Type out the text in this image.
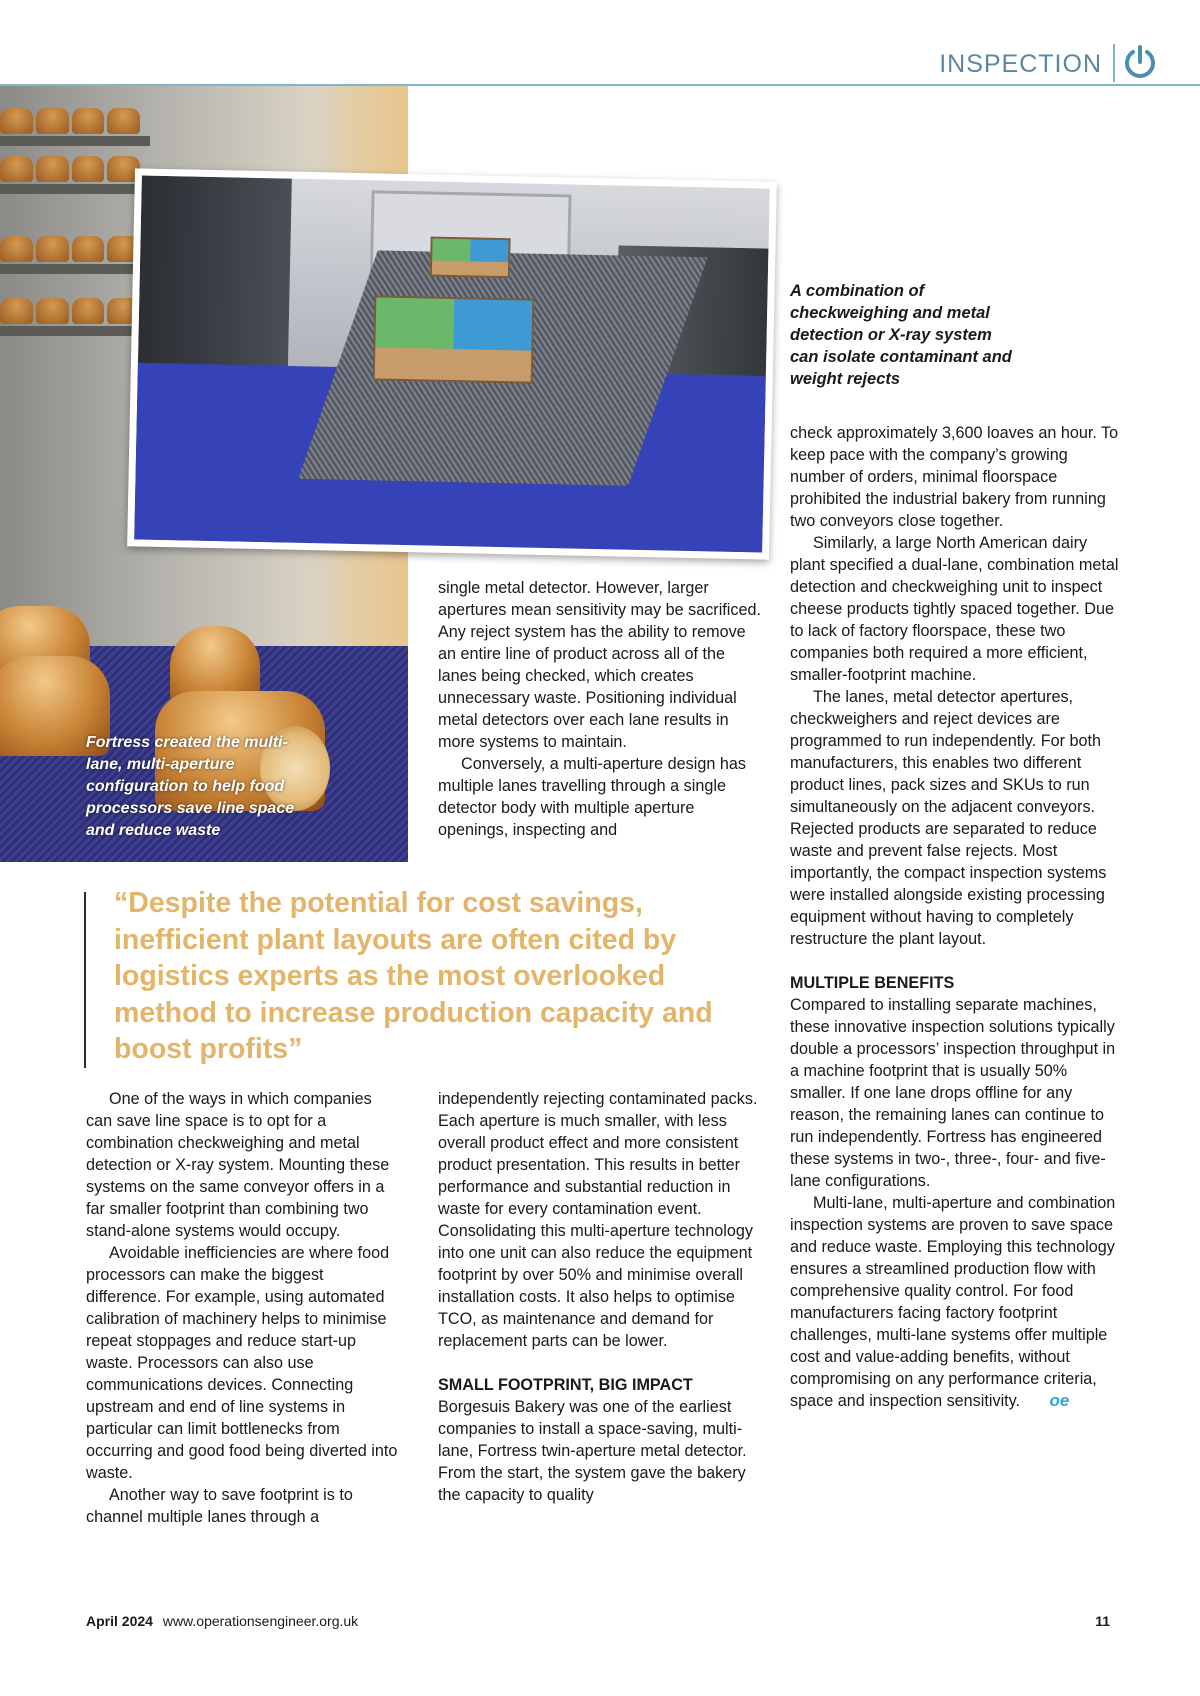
INSPECTION
Fortress created the multi-lane, multi-aperture configuration to help food processors save line space and reduce waste
A combination of checkweighing and metal detection or X-ray system can isolate contaminant and weight rejects

single metal detector. However, larger apertures mean sensitivity may be sacrificed. Any reject system has the ability to remove an entire line of product across all of the lanes being checked, which creates unnecessary waste. Positioning individual metal detectors over each lane results in more systems to maintain.

Conversely, a multi-aperture design has multiple lanes travelling through a single detector body with multiple aperture openings, inspecting and

“Despite the potential for cost savings, inefficient plant layouts are often cited by logistics experts as the most overlooked method to increase production capacity and boost profits”

One of the ways in which companies can save line space is to opt for a combination checkweighing and metal detection or X-ray system. Mounting these systems on the same conveyor offers in a far smaller footprint than combining two stand-alone systems would occupy.

Avoidable inefficiencies are where food processors can make the biggest difference. For example, using automated calibration of machinery helps to minimise repeat stoppages and reduce start-up waste. Processors can also use communications devices. Connecting upstream and end of line systems in particular can limit bottlenecks from occurring and good food being diverted into waste.

Another way to save footprint is to channel multiple lanes through a

independently rejecting contaminated packs. Each aperture is much smaller, with less overall product effect and more consistent product presentation. This results in better performance and substantial reduction in waste for every contamination event. Consolidating this multi-aperture technology into one unit can also reduce the equipment footprint by over 50% and minimise overall installation costs. It also helps to optimise TCO, as maintenance and demand for replacement parts can be lower.

SMALL FOOTPRINT, BIG IMPACT

Borgesuis Bakery was one of the earliest companies to install a space-saving, multi-lane, Fortress twin-aperture metal detector. From the start, the system gave the bakery the capacity to quality

check approximately 3,600 loaves an hour. To keep pace with the company’s growing number of orders, minimal floorspace prohibited the industrial bakery from running two conveyors close together.

Similarly, a large North American dairy plant specified a dual-lane, combination metal detection and checkweighing unit to inspect cheese products tightly spaced together. Due to lack of factory floorspace, these two companies both required a more efficient, smaller-footprint machine.

The lanes, metal detector apertures, checkweighers and reject devices are programmed to run independently. For both manufacturers, this enables two different product lines, pack sizes and SKUs to run simultaneously on the adjacent conveyors. Rejected products are separated to reduce waste and prevent false rejects. Most importantly, the compact inspection systems were installed alongside existing processing equipment without having to completely restructure the plant layout.

MULTIPLE BENEFITS

Compared to installing separate machines, these innovative inspection solutions typically double a processors’ inspection throughput in a machine footprint that is usually 50% smaller. If one lane drops offline for any reason, the remaining lanes can continue to run independently. Fortress has engineered these systems in two-, three-, four- and five-lane configurations.

Multi-lane, multi-aperture and combination inspection systems are proven to save space and reduce waste. Employing this technology ensures a streamlined production flow with comprehensive quality control. For food manufacturers facing factory footprint challenges, multi-lane systems offer multiple cost and value-adding benefits, without compromising on any performance criteria, space and inspection sensitivity. oe

April 2024 www.operationsengineer.org.uk	11
